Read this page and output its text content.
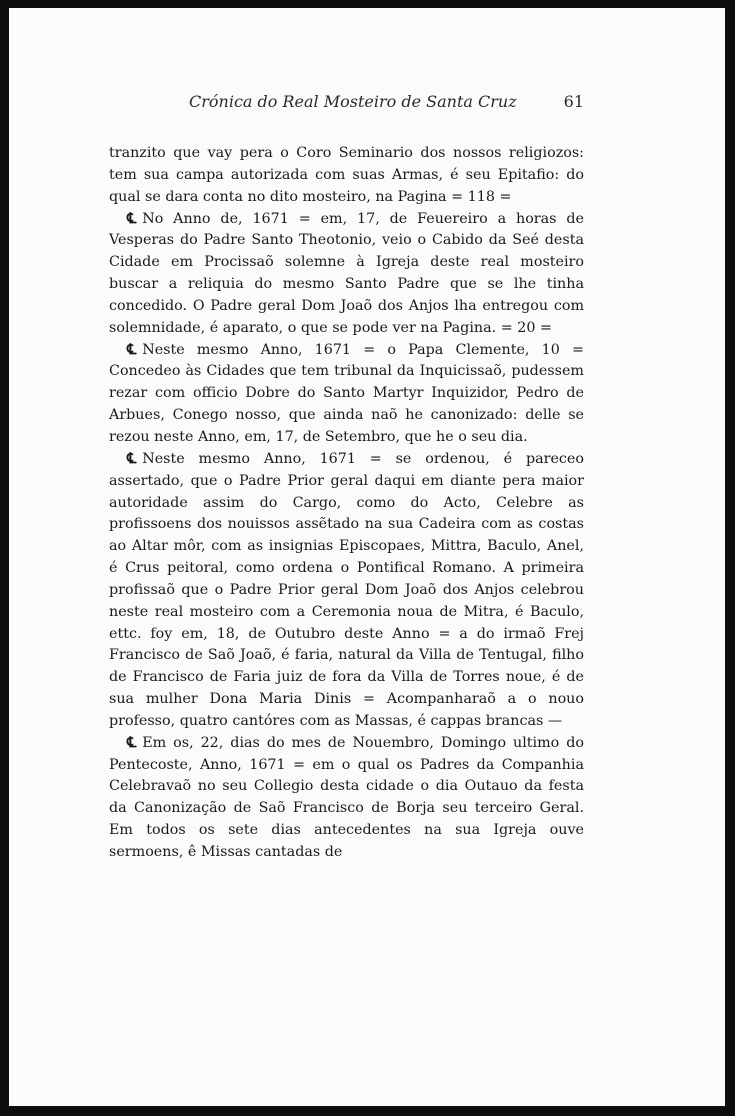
Crónica do Real Mosteiro de Santa Cruz	61

tranzito que vay pera o Coro Seminario dos nossos religiozos: tem sua campa autorizada com suas Armas, é seu Epitafio: do qual se dara conta no dito mosteiro, na Pagina = 118 =

℄ No Anno de, 1671 = em, 17, de Feuereiro a horas de Vesperas do Padre Santo Theotonio, veio o Cabido da Seé desta Cidade em Procissaõ solemne à Igreja deste real mosteiro buscar a reliquia do mesmo Santo Padre que se lhe tinha concedido. O Padre geral Dom Joaõ dos Anjos lha entregou com solemnidade, é aparato, o que se pode ver na Pagina. = 20 =

℄ Neste mesmo Anno, 1671 = o Papa Clemente, 10 = Concedeo às Cidades que tem tribunal da Inquicissaõ, pudessem rezar com officio Dobre do Santo Martyr Inquizidor, Pedro de Arbues, Conego nosso, que ainda naõ he canonizado: delle se rezou neste Anno, em, 17, de Setembro, que he o seu dia.

℄ Neste mesmo Anno, 1671 = se ordenou, é pareceo assertado, que o Padre Prior geral daqui em diante pera maior autoridade assim do Cargo, como do Acto, Celebre as profissoens dos nouissos assẽtado na sua Cadeira com as costas ao Altar môr, com as insignias Episcopaes, Mittra, Baculo, Anel, é Crus peitoral, como ordena o Pontifical Romano. A primeira profissaõ que o Padre Prior geral Dom Joaõ dos Anjos celebrou neste real mosteiro com a Ceremonia noua de Mitra, é Baculo, ettc. foy em, 18, de Outubro deste Anno = a do irmaõ Frej Francisco de Saõ Joaõ, é faria, natural da Villa de Tentugal, filho de Francisco de Faria juiz de fora da Villa de Torres noue, é de sua mulher Dona Maria Dinis = Acompanharaõ a o nouo professo, quatro cantóres com as Massas, é cappas brancas —

℄ Em os, 22, dias do mes de Nouembro, Domingo ultimo do Pentecoste, Anno, 1671 = em o qual os Padres da Companhia Celebravaõ no seu Collegio desta cidade o dia Outauo da festa da Canonização de Saõ Francisco de Borja seu terceiro Geral. Em todos os sete dias antecedentes na sua Igreja ouve sermoens, ê Missas cantadas de
